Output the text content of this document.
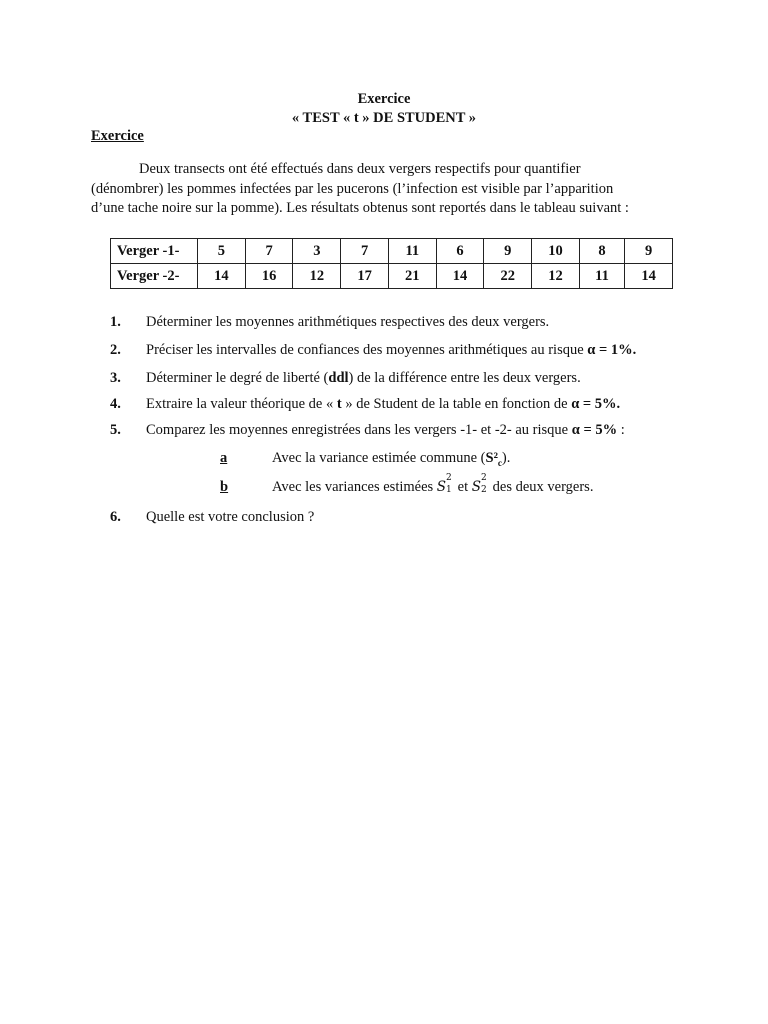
Exercice
« TEST « t » DE STUDENT »
Exercice
Deux transects ont été effectués dans deux vergers respectifs pour quantifier
(dénombrer) les pommes infectées par les pucerons (l’infection est visible par l’apparition
d’une tache noire sur la pomme). Les résultats obtenus sont reportés dans le tableau suivant :
Verger -1-	5	7	3	7	11	6	9	10	8	9
Verger -2-	14	16	12	17	21	14	22	12	11	14
1. Déterminer les moyennes arithmétiques respectives des deux vergers.
2. Préciser les intervalles de confiances des moyennes arithmétiques au risque α = 1%.
3. Déterminer le degré de liberté (ddl) de la différence entre les deux vergers.
4. Extraire la valeur théorique de « t » de Student de la table en fonction de α = 5%.
5. Comparez les moyennes enregistrées dans les vergers -1- et -2- au risque α = 5% :
a	Avec la variance estimée commune $(S^2_c)$.
b	Avec les variances estimées S
2
1 et S
2
2 des deux vergers.
6. Quelle est votre conclusion ?
